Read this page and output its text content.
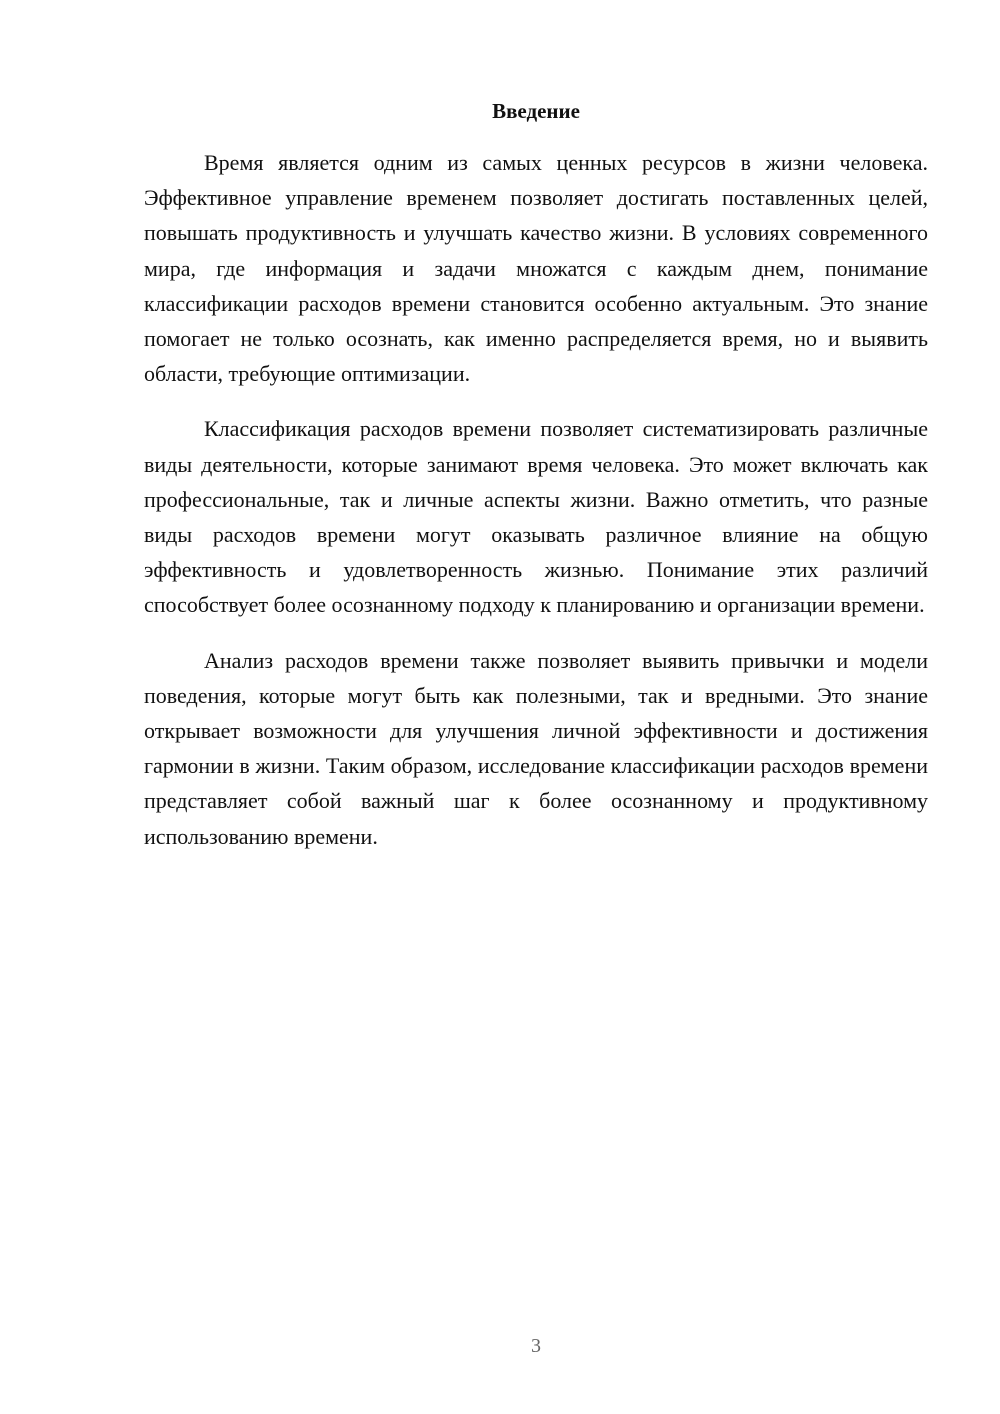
Введение

Время является одним из самых ценных ресурсов в жизни человека. Эффективное управление временем позволяет достигать поставленных целей, повышать продуктивность и улучшать качество жизни. В условиях современного мира, где информация и задачи множатся с каждым днем, понимание классификации расходов времени становится особенно актуальным. Это знание помогает не только осознать, как именно распределяется время, но и выявить области, требующие оптимизации.

Классификация расходов времени позволяет систематизировать различные виды деятельности, которые занимают время человека. Это может включать как профессиональные, так и личные аспекты жизни. Важно отметить, что разные виды расходов времени могут оказывать различное влияние на общую эффективность и удовлетворенность жизнью. Понимание этих различий способствует более осознанному подходу к планированию и организации времени.

Анализ расходов времени также позволяет выявить привычки и модели поведения, которые могут быть как полезными, так и вредными. Это знание открывает возможности для улучшения личной эффективности и достижения гармонии в жизни. Таким образом, исследование классификации расходов времени представляет собой важный шаг к более осознанному и продуктивному использованию времени.

3
